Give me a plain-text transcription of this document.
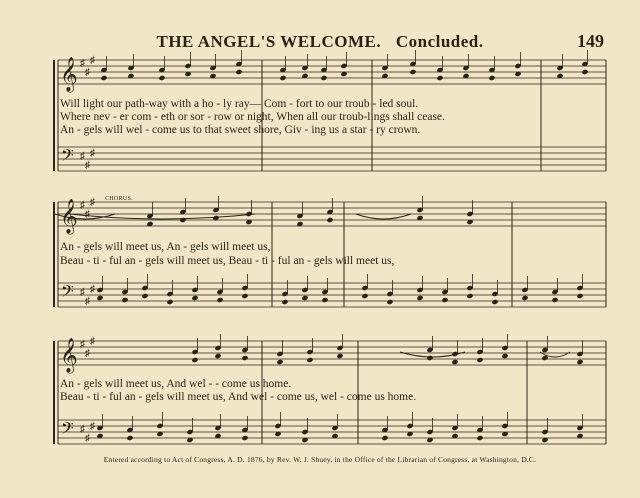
THE ANGEL'S WELCOME. Concluded.	149
𝄞
𝄢
♯
♯
♯
♯
♯
♯
𝄞
𝄢
♯
♯
♯
♯
♯
♯
𝄞
𝄢
♯
♯
♯
♯
♯
♯
Will light our path-way with a ho - ly ray— Com - fort to our troub - led soul.
Where nev - er com - eth or sor - row or night, When all our troub-lings shall cease.
An - gels will wel - come us to that sweet shore, Giv - ing us a star - ry crown.
CHORUS.
An - gels will meet us, An - gels will meet us,
Beau - ti - ful an - gels will meet us, Beau - ti - ful an - gels will meet us,
An - gels will meet us, And wel - - come us home.
Beau - ti - ful an - gels will meet us, And wel - come us, wel - come us home.
Entered according to Act of Congress, A. D. 1876, by Rev. W. J. Shuey, in the Office of the Librarian of Congress, at Washington, D.C.
